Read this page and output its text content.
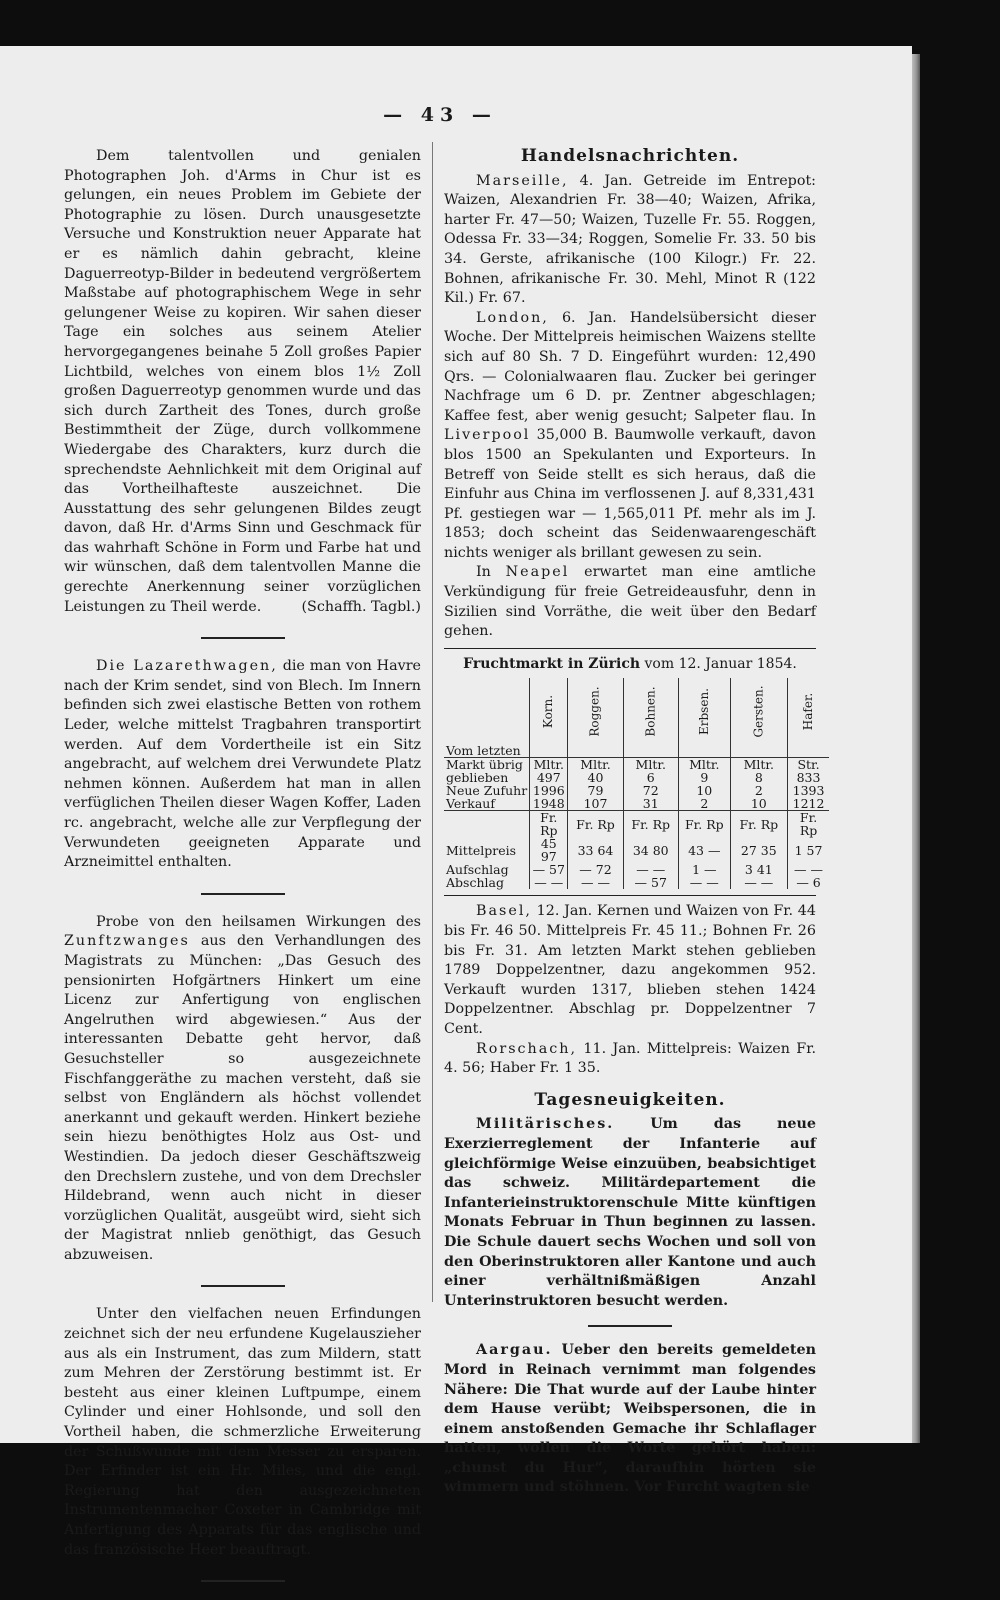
— 43 —

Dem talentvollen und genialen Photographen Joh. d'Arms in Chur ist es gelungen, ein neues Problem im Gebiete der Photographie zu lösen. Durch unausgesetzte Versuche und Konstruktion neuer Apparate hat er es nämlich dahin gebracht, kleine Daguerreotyp-Bilder in bedeutend vergrößertem Maßstabe auf photographischem Wege in sehr gelungener Weise zu kopiren. Wir sahen dieser Tage ein solches aus seinem Atelier hervorgegangenes beinahe 5 Zoll großes Papier Lichtbild, welches von einem blos 1½ Zoll großen Daguerreotyp genommen wurde und das sich durch Zartheit des Tones, durch große Bestimmtheit der Züge, durch vollkommene Wiedergabe des Charakters, kurz durch die sprechendste Aehnlichkeit mit dem Original auf das Vortheilhafteste auszeichnet. Die Ausstattung des sehr gelungenen Bildes zeugt davon, daß Hr. d'Arms Sinn und Geschmack für das wahrhaft Schöne in Form und Farbe hat und wir wünschen, daß dem talentvollen Manne die gerechte Anerkennung seiner vorzüglichen Leistungen zu Theil werde.	(Schaffh. Tagbl.)

Die Lazarethwagen, die man von Havre nach der Krim sendet, sind von Blech. Im Innern befinden sich zwei elastische Betten von rothem Leder, welche mittelst Tragbahren transportirt werden. Auf dem Vordertheile ist ein Sitz angebracht, auf welchem drei Verwundete Platz nehmen können. Außerdem hat man in allen verfüglichen Theilen dieser Wagen Koffer, Laden rc. angebracht, welche alle zur Verpflegung der Verwundeten geeigneten Apparate und Arzneimittel enthalten.

Probe von den heilsamen Wirkungen des Zunftzwanges aus den Verhandlungen des Magistrats zu München: „Das Gesuch des pensionirten Hofgärtners Hinkert um eine Licenz zur Anfertigung von englischen Angelruthen wird abgewiesen.“ Aus der interessanten Debatte geht hervor, daß Gesuchsteller so ausgezeichnete Fischfanggeräthe zu machen versteht, daß sie selbst von Engländern als höchst vollendet anerkannt und gekauft werden. Hinkert beziehe sein hiezu benöthigtes Holz aus Ost- und Westindien. Da jedoch dieser Geschäftszweig den Drechslern zustehe, und von dem Drechsler Hildebrand, wenn auch nicht in dieser vorzüglichen Qualität, ausgeübt wird, sieht sich der Magistrat nnlieb genöthigt, das Gesuch abzuweisen.

Unter den vielfachen neuen Erfindungen zeichnet sich der neu erfundene Kugelauszieher aus als ein Instrument, das zum Mildern, statt zum Mehren der Zerstörung bestimmt ist. Er besteht aus einer kleinen Luftpumpe, einem Cylinder und einer Hohlsonde, und soll den Vortheil haben, die schmerzliche Erweiterung der Schußwunde mit dem Messer zu ersparen. Der Erfinder ist ein Hr. Miles, und die engl. Regierung hat den ausgezeichneten Instrumentenmacher Coxeter in Cambridge mit Anfertigung des Apparats für das englische und das französische Heer beauftragt.

Handelsnachrichten.

Marseille, 4. Jan. Getreide im Entrepot: Waizen, Alexandrien Fr. 38—40; Waizen, Afrika, harter Fr. 47—50; Waizen, Tuzelle Fr. 55. Roggen, Odessa Fr. 33—34; Roggen, Somelie Fr. 33. 50 bis 34. Gerste, afrikanische (100 Kilogr.) Fr. 22. Bohnen, afrikanische Fr. 30. Mehl, Minot R (122 Kil.) Fr. 67.

London, 6. Jan. Handelsübersicht dieser Woche. Der Mittelpreis heimischen Waizens stellte sich auf 80 Sh. 7 D. Eingeführt wurden: 12,490 Qrs. — Colonialwaaren flau. Zucker bei geringer Nachfrage um 6 D. pr. Zentner abgeschlagen; Kaffee fest, aber wenig gesucht; Salpeter flau. In Liverpool 35,000 B. Baumwolle verkauft, davon blos 1500 an Spekulanten und Exporteurs. In Betreff von Seide stellt es sich heraus, daß die Einfuhr aus China im verflossenen J. auf 8,331,431 Pf. gestiegen war — 1,565,011 Pf. mehr als im J. 1853; doch scheint das Seidenwaarengeschäft nichts weniger als brillant gewesen zu sein.

In Neapel erwartet man eine amtliche Verkündigung für freie Getreideausfuhr, denn in Sizilien sind Vorräthe, die weit über den Bedarf gehen.

Fruchtmarkt in Zürich vom 12. Januar 1854.
	Korn.	Roggen.	Bohnen.	Erbsen.	Gersten.	Hafer.
Vom letzten						
Markt übrig	Mltr.	Mltr.	Mltr.	Mltr.	Mltr.	Str.
geblieben	497	40	6	9	8	833
Neue Zufuhr	1996	79	72	10	2	1393
Verkauf	1948	107	31	2	10	1212
	Fr. Rp	Fr. Rp	Fr. Rp	Fr. Rp	Fr. Rp	Fr. Rp
Mittelpreis	45 97	33 64	34 80	43 —	27 35	1 57
Aufschlag	— 57	— 72	— —	1 —	3 41	— —
Abschlag	— —	— —	— 57	— —	— —	— 6

Basel, 12. Jan. Kernen und Waizen von Fr. 44 bis Fr. 46 50. Mittelpreis Fr. 45 11.; Bohnen Fr. 26 bis Fr. 31. Am letzten Markt stehen geblieben 1789 Doppelzentner, dazu angekommen 952. Verkauft wurden 1317, blieben stehen 1424 Doppelzentner. Abschlag pr. Doppelzentner 7 Cent.

Rorschach, 11. Jan. Mittelpreis: Waizen Fr. 4. 56; Haber Fr. 1 35.

Tagesneuigkeiten.

Militärisches.	Um das neue Exerzierreglement der Infanterie auf gleichförmige Weise einzuüben, beabsichtiget das schweiz. Militärdepartement die Infanterieinstruktorenschule Mitte künftigen Monats Februar in Thun beginnen zu lassen. Die Schule dauert sechs Wochen und soll von den Oberinstruktoren aller Kantone und auch einer verhältnißmäßigen Anzahl Unterinstruktoren besucht werden.

Aargau. Ueber den bereits gemeldeten Mord in Reinach vernimmt man folgendes Nähere: Die That wurde auf der Laube hinter dem Hause verübt; Weibspersonen, die in einem anstoßenden Gemache ihr Schlaflager hatten, wollen die Worte gehört haben: „chunst du Hur“, daraufhin hörten sie wimmern und stöhnen. Vor Furcht wagten sie
